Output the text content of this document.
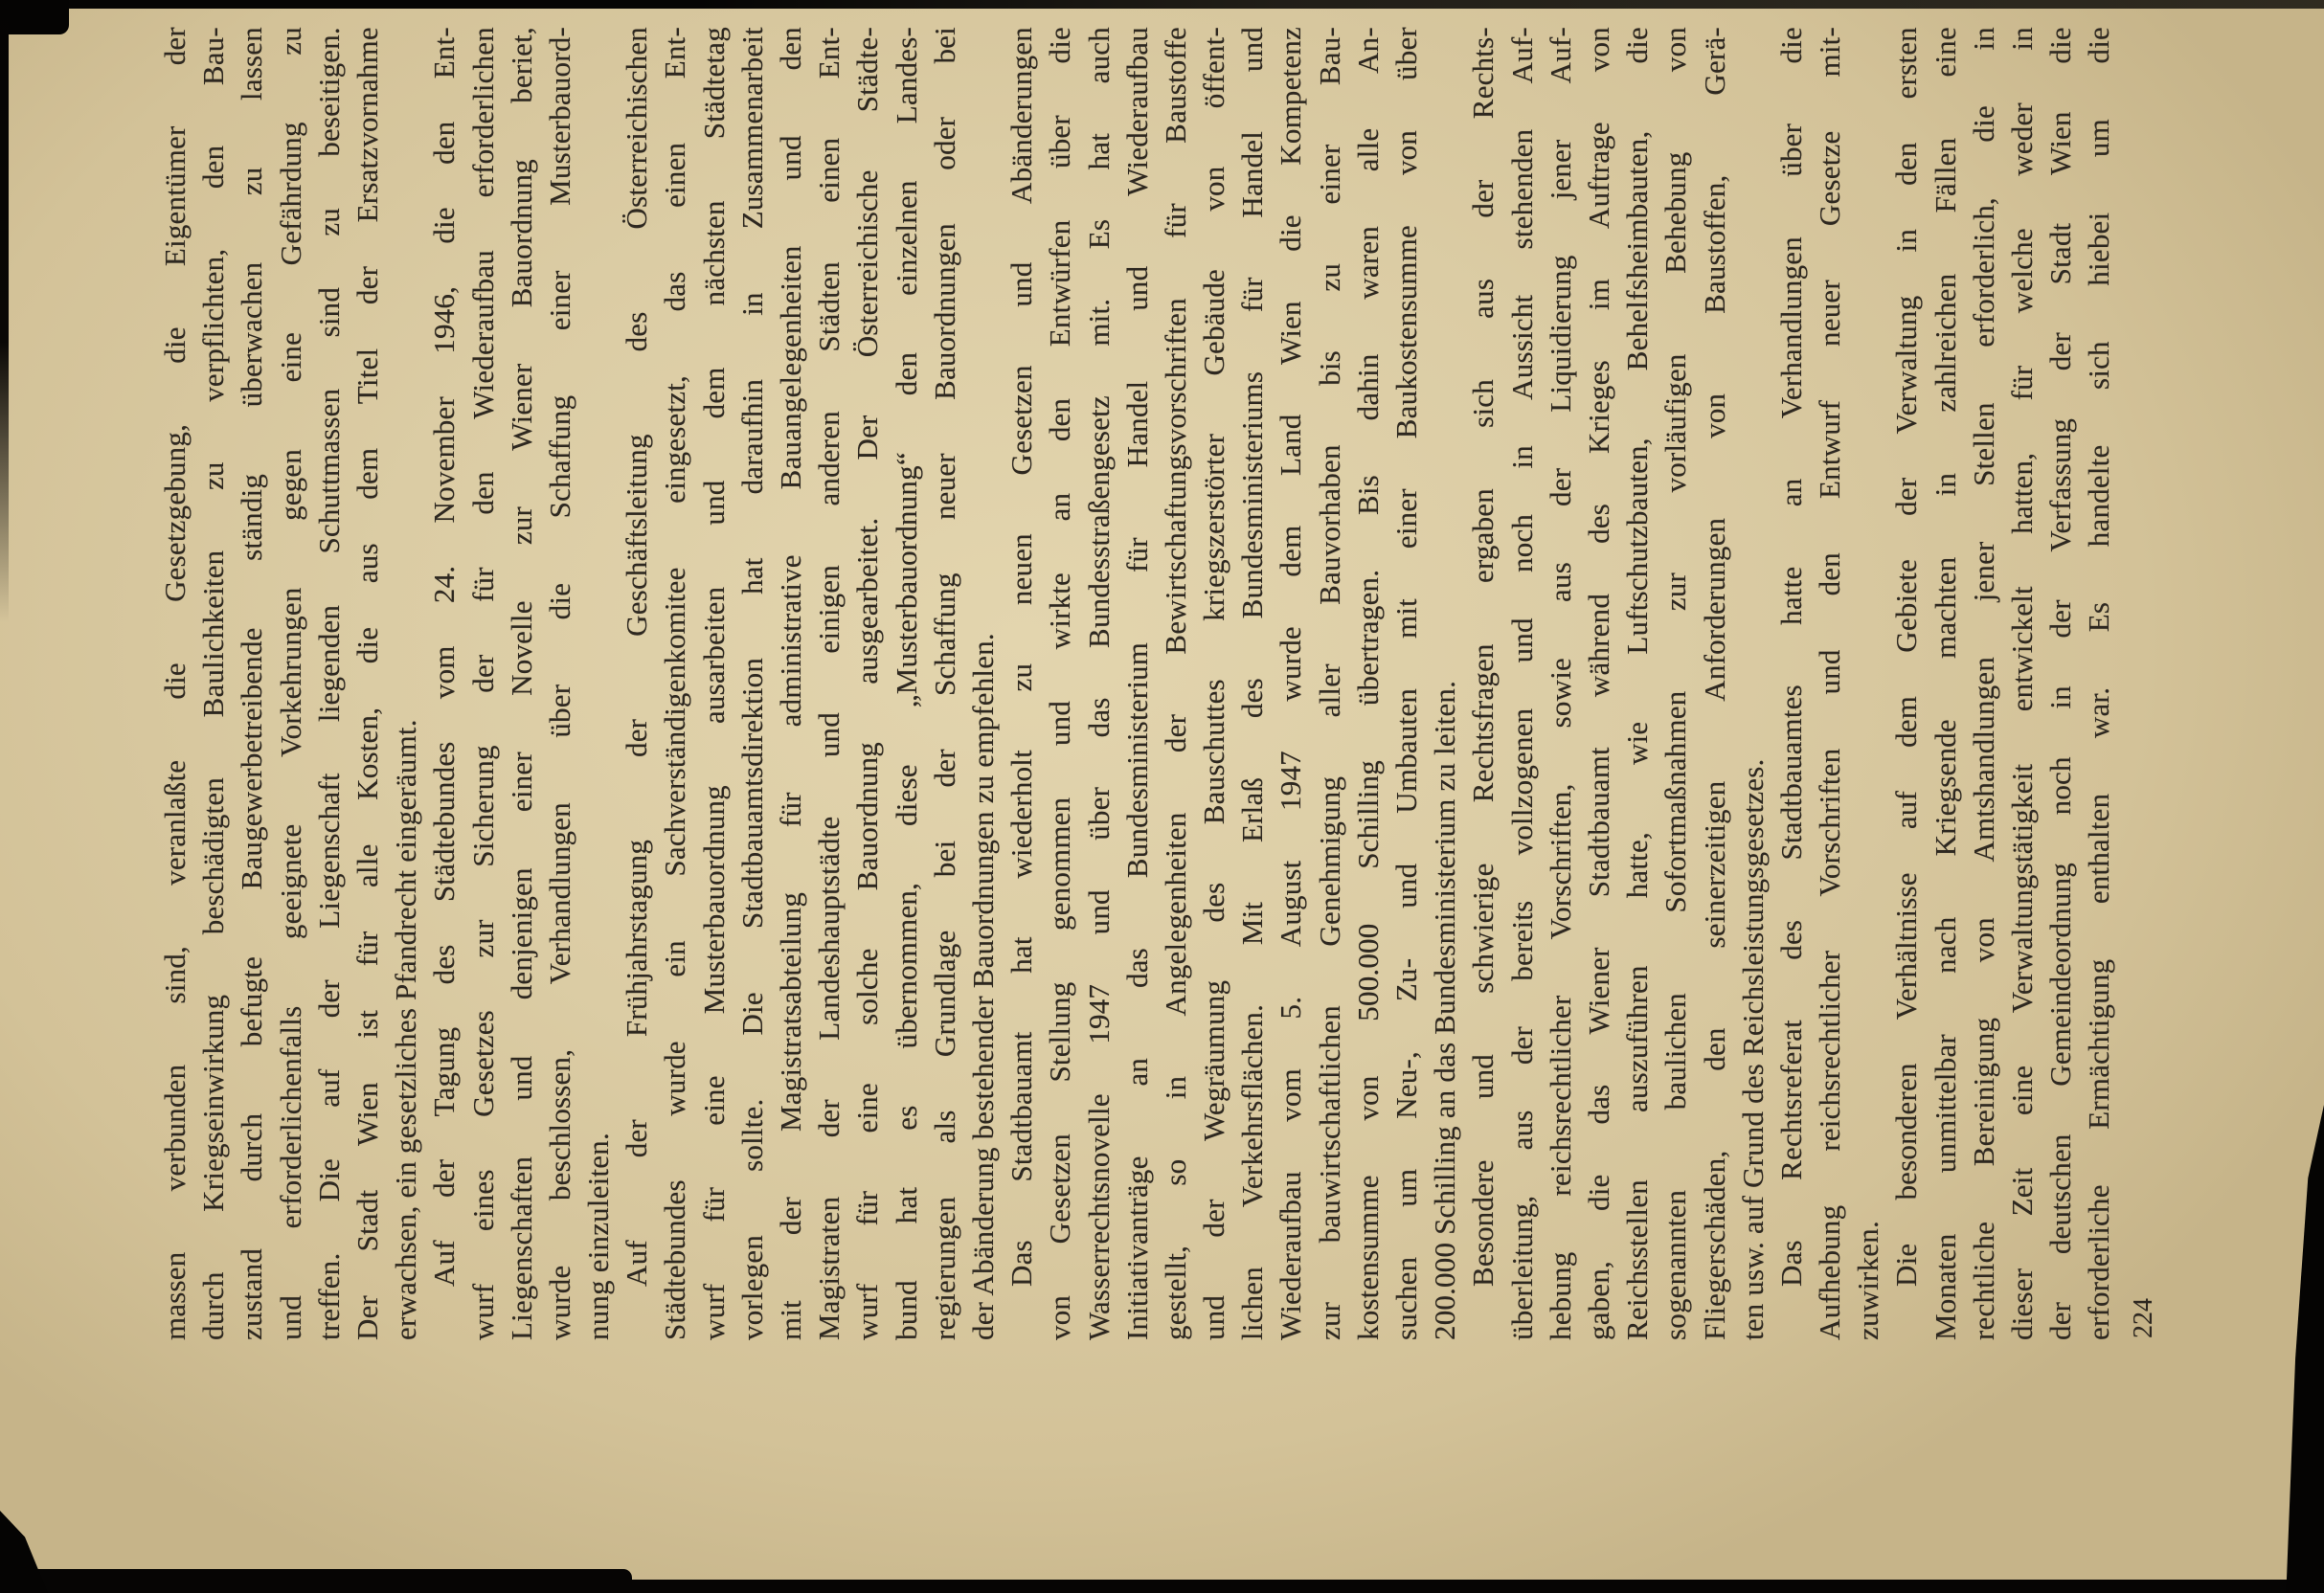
massen
verbunden
sind,
veranlaßte
die
Gesetzgebung,
die
Eigentümer
der
durch
Kriegseinwirkung
beschädigten
Baulichkeiten
zu
verpflichten,
den
Bau-
zustand
durch
befugte
Baugewerbetreibende
ständig
überwachen
zu
lassen
und
erforderlichenfalls
geeignete
Vorkehrungen
gegen
eine
Gefährdung
zu
treffen.
Die
auf
der
Liegenschaft
liegenden
Schuttmassen
sind
zu
beseitigen.
Der
Stadt
Wien
ist
für
alle
Kosten,
die
aus
dem
Titel
der
Ersatzvornahme
erwachsen, ein gesetzliches Pfandrecht eingeräumt. Auf
der
Tagung
des
Städtebundes
vom
24.
November
1946,
die
den
Ent-
wurf
eines
Gesetzes
zur
Sicherung
der
für
den
Wiederaufbau
erforderlichen
Liegenschaften
und
denjenigen
einer
Novelle
zur
Wiener
Bauordnung
beriet,
wurde
beschlossen,
Verhandlungen
über
die
Schaffung
einer
Musterbauord-
nung einzuleiten. Auf
der
Frühjahrstagung
der
Geschäftsleitung
des
Österreichischen
Städtebundes
wurde
ein
Sachverständigenkomitee
eingesetzt,
das
einen
Ent-
wurf
für
eine
Musterbauordnung
ausarbeiten
und
dem
nächsten
Städtetag
vorlegen
sollte.
Die
Stadtbauamtsdirektion
hat
daraufhin
in
Zusammenarbeit
mit
der
Magistratsabteilung
für
administrative
Bauangelegenheiten
und
den
Magistraten
der
Landeshauptstädte
und
einigen
anderen
Städten
einen
Ent-
wurf
für
eine
solche
Bauordnung
ausgearbeitet.
Der
Österreichische
Städte-
bund
hat
es
übernommen,
diese
„Musterbauordnung“
den
einzelnen
Landes-
regierungen
als
Grundlage
bei
der
Schaffung
neuer
Bauordnungen
oder
bei
der Abänderung bestehender Bauordnungen zu empfehlen. Das
Stadtbauamt
hat
wiederholt
zu
neuen
Gesetzen
und
Abänderungen
von
Gesetzen
Stellung
genommen
und
wirkte
an
den
Entwürfen
über
die
Wasserrechtsnovelle
1947
und
über
das
Bundesstraßengesetz
mit.
Es
hat
auch
Initiativanträge
an
das
Bundesministerium
für
Handel
und
Wiederaufbau
gestellt,
so
in
Angelegenheiten
der
Bewirtschaftungsvorschriften
für
Baustoffe
und
der
Wegräumung
des
Bauschuttes
kriegszerstörter
Gebäude
von
öffent-
lichen
Verkehrsflächen.
Mit
Erlaß
des
Bundesministeriums
für
Handel
und
Wiederaufbau
vom
5.
August
1947
wurde
dem
Land
Wien
die
Kompetenz
zur
bauwirtschaftlichen
Genehmigung
aller
Bauvorhaben
bis
zu
einer
Bau-
kostensumme
von
500.000
Schilling
übertragen.
Bis
dahin
waren
alle
An-
suchen
um
Neu-,
Zu-
und
Umbauten
mit
einer
Baukostensumme
von
über
200.000 Schilling an das Bundesministerium zu leiten. Besondere
und
schwierige
Rechtsfragen
ergaben
sich
aus
der
Rechts-
überleitung,
aus
der
bereits
vollzogenen
und
noch
in
Aussicht
stehenden
Auf-
hebung
reichsrechtlicher
Vorschriften,
sowie
aus
der
Liquidierung
jener
Auf-
gaben,
die
das
Wiener
Stadtbauamt
während
des
Krieges
im
Auftrage
von
Reichsstellen
auszuführen
hatte,
wie
Luftschutzbauten,
Behelfsheimbauten,
die
sogenannten
baulichen
Sofortmaßnahmen
zur
vorläufigen
Behebung
von
Fliegerschäden,
den
seinerzeitigen
Anforderungen
von
Baustoffen,
Gerä-
ten usw. auf Grund des Reichsleistungsgesetzes. Das
Rechtsreferat
des
Stadtbauamtes
hatte
an
Verhandlungen
über
die
Aufhebung
reichsrechtlicher
Vorschriften
und
den
Entwurf
neuer
Gesetze
mit-
zuwirken. Die
besonderen
Verhältnisse
auf
dem
Gebiete
der
Verwaltung
in
den
ersten
Monaten
unmittelbar
nach
Kriegsende
machten
in
zahlreichen
Fällen
eine
rechtliche
Bereinigung
von
Amtshandlungen
jener
Stellen
erforderlich,
die
in
dieser
Zeit
eine
Verwaltungstätigkeit
entwickelt
hatten,
für
welche
weder
in
der
deutschen
Gemeindeordnung
noch
in
der
Verfassung
der
Stadt
Wien
die
erforderliche
Ermächtigung
enthalten
war.
Es
handelte
sich
hiebei
um
die
224
